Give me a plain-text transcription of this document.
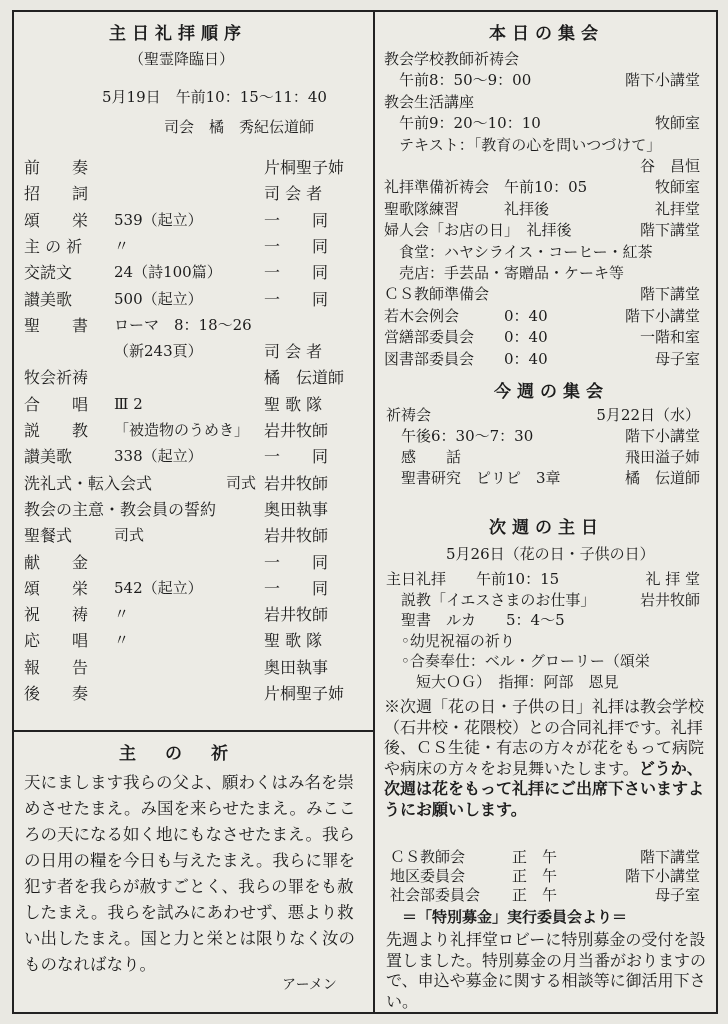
主日礼拝順序
（聖霊降臨日）
5月19日　午前10：15〜11：40
司会　橘　秀紀伝道師
前　　奏	片桐聖子姉
招　　詞	司 会 者
頌　　栄 539（起立）	一　　同
主 の 祈 〃	一　　同
交読文	24（詩100篇）	一　　同
讃美歌	500（起立）	一　　同
聖　　書 ローマ　8：18〜26
（新243頁）	司 会 者
牧会祈祷	橘　伝道師
合　　唱 Ⅲ 2	聖 歌 隊
説　　教 「被造物のうめき」 岩井牧師
讃美歌	338（起立）	一　　同
洗礼式・転入会式	司式 岩井牧師
教会の主意・教会員の誓約	奥田執事
聖餐式	司式	岩井牧師
献　　金	一　　同
頌　　栄 542（起立）	一　　同
祝　　祷 〃	岩井牧師
応　　唱 〃	聖 歌 隊
報　　告	奥田執事
後　　奏	片桐聖子姉
主　の　祈
天にまします我らの父よ、願わくはみ名を崇めさせたまえ。み国を来らせたまえ。みこころの天になる如く地にもなさせたまえ。我らの日用の糧を今日も与えたまえ。我らに罪を犯す者を我らが赦すごとく、我らの罪をも赦したまえ。我らを試みにあわせず、悪より救い出したまえ。国と力と栄とは限りなく汝のものなればなり。
アーメン
本日の集会
教会学校教師祈祷会
　午前8：50〜9：00	階下小講堂
教会生活講座
　午前9：20〜10：10	牧師室
　テキスト：「教育の心を問いつづけて」
谷　昌恒
礼拝準備祈祷会　午前10：05	牧師室
聖歌隊練習　　　礼拝後	礼拝堂
婦人会「お店の日」　礼拝後	階下講堂
　食堂：ハヤシライス・コーヒー・紅茶
　売店：手芸品・寄贈品・ケーキ等
ＣＳ教師準備会	階下講堂
若木会例会　　　0：40	階下小講堂
営繕部委員会　　0：40	一階和室
図書部委員会　　0：40	母子室
今週の集会
祈祷会	5月22日（水）
　午後6：30〜7：30	階下小講堂
　感　　話	飛田溢子姉
　聖書研究　ピリピ　3章	橘　伝道師
次週の主日
5月26日（花の日・子供の日）
主日礼拝　　午前10：15	礼 拝 堂
　説教「イエスさまのお仕事」	岩井牧師
　聖書　ルカ　　5：4〜5
　◦幼児祝福の祈り
　◦合奏奉仕：ベル・グローリー（頌栄
　　短大ＯＧ）　指揮：阿部　恩見
※次週「花の日・子供の日」礼拝は教会学校（石井校・花隈校）との合同礼拝です。礼拝後、ＣＳ生徒・有志の方々が花をもって病院や病床の方々をお見舞いたします。どうか、次週は花をもって礼拝にご出席下さいますようにお願いします。
ＣＳ教師会	正　午	階下講堂
地区委員会	正　午	階下小講堂
社会部委員会 正　午	母子室
＝「特別募金」実行委員会より＝
先週より礼拝堂ロビーに特別募金の受付を設置しました。特別募金の月当番がおりますので、申込や募金に関する相談等に御活用下さい。
